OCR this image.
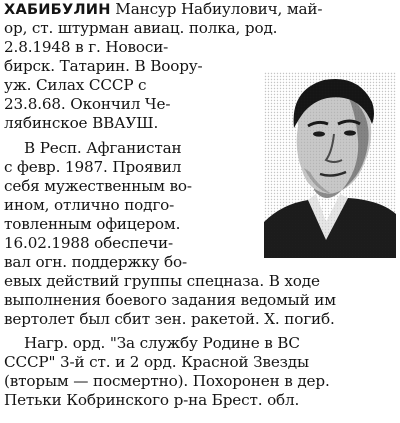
ХАБИБУЛИН Мансур Набиулович, май-
ор, ст. штурман авиац. полка, род.
2.8.1948 в г. Новоси-
бирск. Татарин. В Воору-
уж. Силах СССР с
23.8.68. Окончил Че-
лябинское ВВАУШ.
В Респ. Афганистан
с февр. 1987. Проявил
себя мужественным во-
ином, отлично подго-
товленным офицером.
16.02.1988 обеспечи-
вал огн. поддержку бо-
евых действий группы спецназа. В ходе
выполнения боевого задания ведомый им
вертолет был сбит зен. ракетой. Х. погиб.
Нагр. орд. "За службу Родине в ВС
СССР" 3-й ст. и 2 орд. Красной Звезды
(вторым — посмертно). Похоронен в дер.
Петьки Кобринского р-на Брест. обл.
